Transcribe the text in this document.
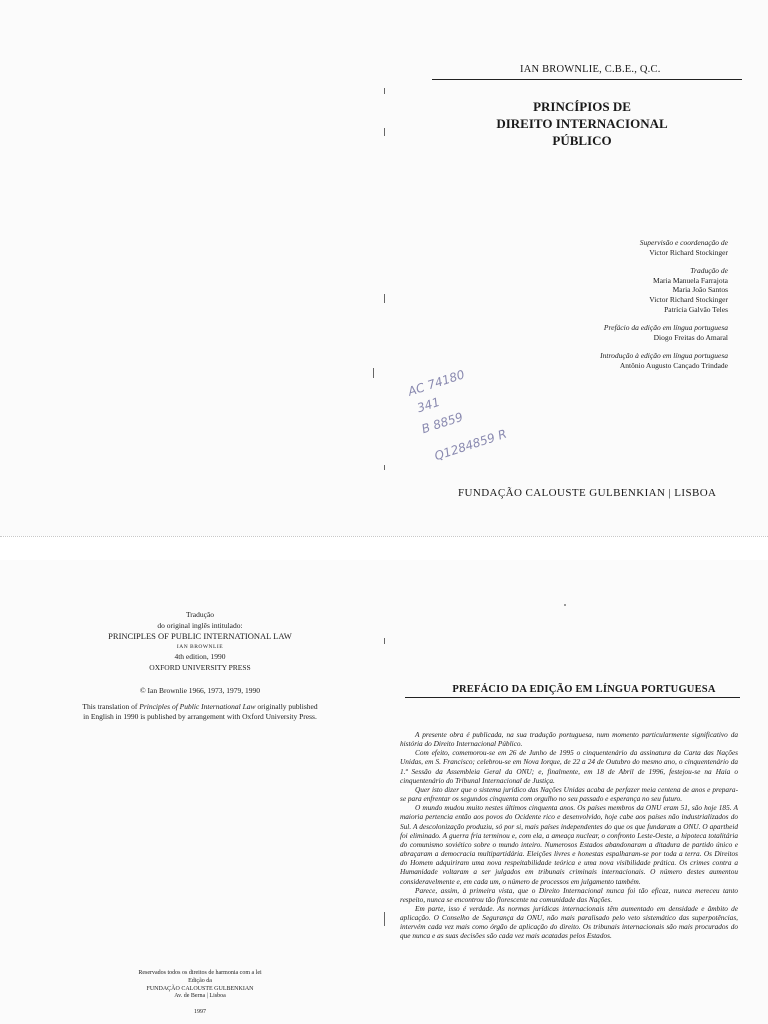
IAN BROWNLIE, C.B.E., Q.C.
PRINCÍPIOS DE
DIREITO INTERNACIONAL
PÚBLICO
Supervisão e coordenação de
Victor Richard Stockinger
Tradução de
Maria Manuela Farrajota
Maria João Santos
Victor Richard Stockinger
Patrícia Galvão Teles
Prefácio da edição em língua portuguesa
Diogo Freitas do Amaral
Introdução à edição em língua portuguesa
Antônio Augusto Cançado Trindade
AC 74180
341
B 8859
Q1284859 R
FUNDAÇÃO CALOUSTE GULBENKIAN | LISBOA
Tradução
do original inglês intitulado:
PRINCIPLES OF PUBLIC INTERNATIONAL LAW
IAN BROWNLIE
4th edition, 1990
OXFORD UNIVERSITY PRESS
© Ian Brownlie 1966, 1973, 1979, 1990
This translation of Principles of Public International Law originally published
in English in 1990 is published by arrangement with Oxford University Press.
Reservados todos os direitos de harmonia com a lei
Edição da
FUNDAÇÃO CALOUSTE GULBENKIAN
Av. de Berna | Lisboa
1997
PREFÁCIO DA EDIÇÃO EM LÍNGUA PORTUGUESA

A presente obra é publicada, na sua tradução portuguesa, num momento particularmente significativo da história do Direito Internacional Público.

Com efeito, comemorou-se em 26 de Junho de 1995 o cinquentenário da assinatura da Carta das Nações Unidas, em S. Francisco; celebrou-se em Nova Iorque, de 22 a 24 de Outubro do mesmo ano, o cinquentenário da 1.ª Sessão da Assembleia Geral da ONU; e, finalmente, em 18 de Abril de 1996, festejou-se na Haia o cinquentenário do Tribunal Internacional de Justiça.

Quer isto dizer que o sistema jurídico das Nações Unidas acaba de perfazer meia centena de anos e prepara-se para enfrentar os segundos cinquenta com orgulho no seu passado e esperança no seu futuro.

O mundo mudou muito nestes últimos cinquenta anos. Os países membros da ONU eram 51, são hoje 185. A maioria pertencia então aos povos do Ocidente rico e desenvolvido, hoje cabe aos países não industrializados do Sul. A descolonização produziu, só por si, mais países independentes do que os que fundaram a ONU. O apartheid foi eliminado. A guerra fria terminou e, com ela, a ameaça nuclear, o confronto Leste-Oeste, a hipoteca totalitária do comunismo soviético sobre o mundo inteiro. Numerosos Estados abandonaram a ditadura de partido único e abraçaram a democracia multipartidária. Eleições livres e honestas espalharam-se por toda a terra. Os Direitos do Homem adquiriram uma nova respeitabilidade teórica e uma nova visibilidade prática. Os crimes contra a Humanidade voltaram a ser julgados em tribunais criminais internacionais. O número destes aumentou consideravelmente e, em cada um, o número de processos em julgamento também.

Parece, assim, à primeira vista, que o Direito Internacional nunca foi tão eficaz, nunca mereceu tanto respeito, nunca se encontrou tão florescente na comunidade das Nações.

Em parte, isso é verdade. As normas jurídicas internacionais têm aumentado em densidade e âmbito de aplicação. O Conselho de Segurança da ONU, não mais paralisado pelo veto sistemático das superpotências, intervém cada vez mais como órgão de aplicação do direito. Os tribunais internacionais são mais procurados do que nunca e as suas decisões são cada vez mais acatadas pelos Estados.
